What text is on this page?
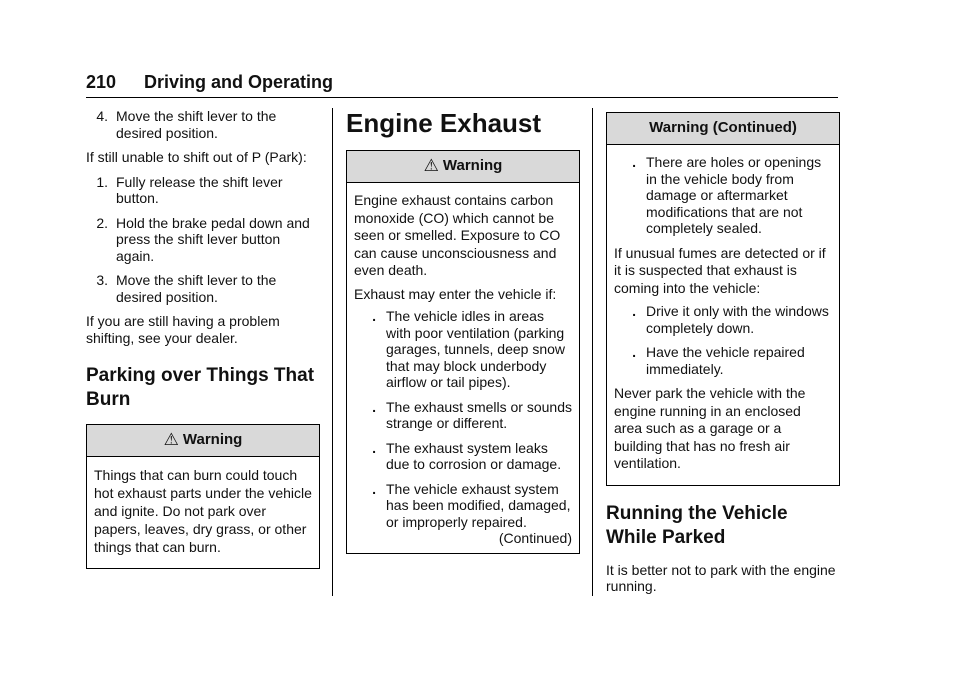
210 Driving and Operating
4. Move the shift lever to the desired position.

If still unable to shift out of P (Park):

1. Fully release the shift lever button.
2. Hold the brake pedal down and press the shift lever button again.
3. Move the shift lever to the desired position.

If you are still having a problem shifting, see your dealer.

Parking over Things That Burn
⚠ Warning

Things that can burn could touch hot exhaust parts under the vehicle and ignite. Do not park over papers, leaves, dry grass, or other things that can burn.

Engine Exhaust
⚠ Warning

Engine exhaust contains carbon monoxide (CO) which cannot be seen or smelled. Exposure to CO can cause unconsciousness and even death.

Exhaust may enter the vehicle if:

. The vehicle idles in areas with poor ventilation (parking garages, tunnels, deep snow that may block underbody airflow or tail pipes).
. The exhaust smells or sounds strange or different.
. The exhaust system leaks due to corrosion or damage.
. The vehicle exhaust system has been modified, damaged, or improperly repaired.
(Continued)
Warning (Continued)
. There are holes or openings in the vehicle body from damage or aftermarket modifications that are not completely sealed.

If unusual fumes are detected or if it is suspected that exhaust is coming into the vehicle:

. Drive it only with the windows completely down.
. Have the vehicle repaired immediately.

Never park the vehicle with the engine running in an enclosed area such as a garage or a building that has no fresh air ventilation.

Running the Vehicle While Parked

It is better not to park with the engine running.
